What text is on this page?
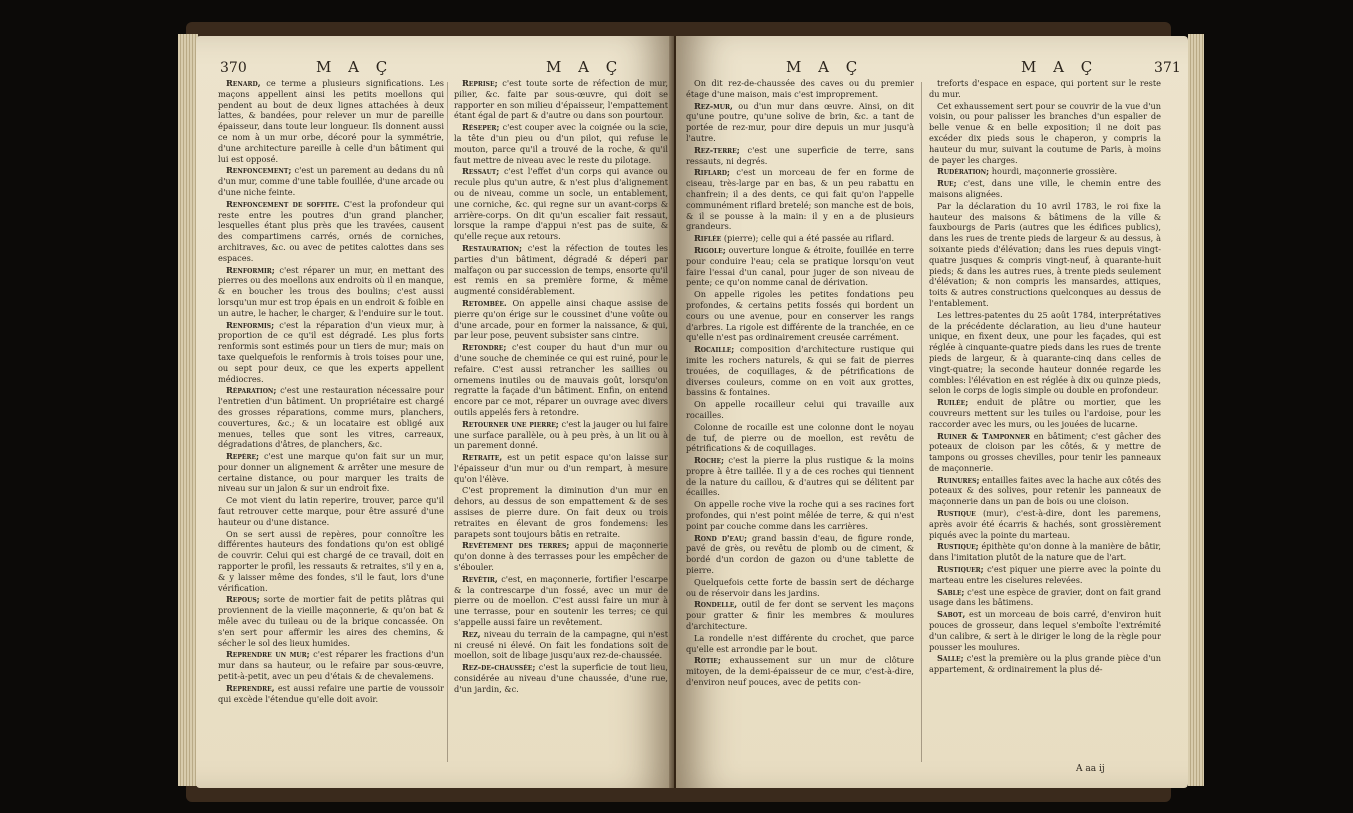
370	M A Ç	M A Ç

Renard, ce terme a plusieurs significations. Les maçons appellent ainsi les petits moellons qui pendent au bout de deux lignes attachées à deux lattes, & bandées, pour relever un mur de pareille épaisseur, dans toute leur longueur. Ils donnent aussi ce nom à un mur orbe, décoré pour la symmétrie, d'une architecture pareille à celle d'un bâtiment qui lui est opposé.

Renfoncement; c'est un parement au dedans du nû d'un mur, comme d'une table fouillée, d'une arcade ou d'une niche feinte.

Renfoncement de soffite. C'est la profondeur qui reste entre les poutres d'un grand plancher, lesquelles étant plus près que les travées, causent des compartimens carrés, ornés de corniches, architraves, &c. ou avec de petites calottes dans ses espaces.

Renformir; c'est réparer un mur, en mettant des pierres ou des moellons aux endroits où il en manque, & en boucher les trous des boulins; c'est aussi lorsqu'un mur est trop épais en un endroit & foible en un autre, le hacher, le charger, & l'enduire sur le tout.

Renformis; c'est la réparation d'un vieux mur, à proportion de ce qu'il est dégradé. Les plus forts renformis sont estimés pour un tiers de mur; mais on taxe quelquefois le renformis à trois toises pour une, ou sept pour deux, ce que les experts appellent médiocres.

Réparation; c'est une restauration nécessaire pour l'entretien d'un bâtiment. Un propriétaire est chargé des grosses réparations, comme murs, planchers, couvertures, &c.; & un locataire est obligé aux menues, telles que sont les vitres, carreaux, dégradations d'âtres, de planchers, &c.

Repère; c'est une marque qu'on fait sur un mur, pour donner un alignement & arrêter une mesure de certaine distance, ou pour marquer les traits de niveau sur un jalon & sur un endroit fixe.

Ce mot vient du latin reperire, trouver, parce qu'il faut retrouver cette marque, pour être assuré d'une hauteur ou d'une distance.

On se sert aussi de repères, pour connoître les différentes hauteurs des fondations qu'on est obligé de couvrir. Celui qui est chargé de ce travail, doit en rapporter le profil, les ressauts & retraites, s'il y en a, & y laisser même des fondes, s'il le faut, lors d'une vérification.

Repous; sorte de mortier fait de petits plâtras qui proviennent de la vieille maçonnerie, & qu'on bat & mêle avec du tuileau ou de la brique concassée. On s'en sert pour affermir les aires des chemins, & sécher le sol des lieux humides.

Reprendre un mur; c'est réparer les fractions d'un mur dans sa hauteur, ou le refaire par sous-œuvre, petit-à-petit, avec un peu d'étais & de chevalemens.

Reprendre, est aussi refaire une partie de voussoir qui excède l'étendue qu'elle doit avoir.

Reprise; c'est toute sorte de réfection de mur, pilier, &c. faite par sous-œuvre, qui doit se rapporter en son milieu d'épaisseur, l'empattement étant égal de part & d'autre ou dans son pourtour.

Réseper; c'est couper avec la coignée ou la scie, la tête d'un pieu ou d'un pilot, qui refuse le mouton, parce qu'il a trouvé de la roche, & qu'il faut mettre de niveau avec le reste du pilotage.

Ressaut; c'est l'effet d'un corps qui avance ou recule plus qu'un autre, & n'est plus d'alignement ou de niveau, comme un socle, un entablement, une corniche, &c. qui regne sur un avant-corps & arrière-corps. On dit qu'un escalier fait ressaut, lorsque la rampe d'appui n'est pas de suite, & qu'elle reçue aux retours.

Restauration; c'est la réfection de toutes les parties d'un bâtiment, dégradé & déperi par malfaçon ou par succession de temps, ensorte qu'il est remis en sa première forme, & même augmenté considérablement.

Retombée. On appelle ainsi chaque assise de pierre qu'on érige sur le coussinet d'une voûte ou d'une arcade, pour en former la naissance, & qui, par leur pose, peuvent subsister sans cintre.

Retondre; c'est couper du haut d'un mur ou d'une souche de cheminée ce qui est ruiné, pour le refaire. C'est aussi retrancher les saillies ou ornemens inutiles ou de mauvais goût, lorsqu'on regratte la façade d'un bâtiment. Enfin, on entend encore par ce mot, réparer un ouvrage avec divers outils appelés fers à retondre.

Retourner une pierre; c'est la jauger ou lui faire une surface parallèle, ou à peu près, à un lit ou à un parement donné.

Retraite, est un petit espace qu'on laisse sur l'épaisseur d'un mur ou d'un rempart, à mesure qu'on l'élève.

C'est proprement la diminution d'un mur en dehors, au dessus de son empattement & de ses assises de pierre dure. On fait deux ou trois retraites en élevant de gros fondemens: les parapets sont toujours bâtis en retraite.

Revêtement des terres; appui de maçonnerie qu'on donne à des terrasses pour les empêcher de s'ébouler.

Revêtir, c'est, en maçonnerie, fortifier l'escarpe & la contrescarpe d'un fossé, avec un mur de pierre ou de moellon. C'est aussi faire un mur à une terrasse, pour en soutenir les terres; ce qui s'appelle aussi faire un revêtement.

Rez, niveau du terrain de la campagne, qui n'est ni creusé ni élevé. On fait les fondations soit de moellon, soit de libage jusqu'aux rez-de-chaussée.

Rez-de-chaussée; c'est la superficie de tout lieu, considérée au niveau d'une chaussée, d'une rue, d'un jardin, &c.

M A Ç	M A Ç	371

On dit rez-de-chaussée des caves ou du premier étage d'une maison, mais c'est improprement.

Rez-mur, ou d'un mur dans œuvre. Ainsi, on dit qu'une poutre, qu'une solive de brin, &c. a tant de portée de rez-mur, pour dire depuis un mur jusqu'à l'autre.

Rez-terre; c'est une superficie de terre, sans ressauts, ni degrés.

Riflard; c'est un morceau de fer en forme de ciseau, très-large par en bas, & un peu rabattu en chanfrein; il a des dents, ce qui fait qu'on l'appelle communément riflard bretelé; son manche est de bois, & il se pousse à la main: il y en a de plusieurs grandeurs.

Riflée (pierre); celle qui a été passée au riflard.

Rigole; ouverture longue & étroite, fouillée en terre pour conduire l'eau; cela se pratique lorsqu'on veut faire l'essai d'un canal, pour juger de son niveau de pente; ce qu'on nomme canal de dérivation.

On appelle rigoles les petites fondations peu profondes, & certains petits fossés qui bordent un cours ou une avenue, pour en conserver les rangs d'arbres. La rigole est différente de la tranchée, en ce qu'elle n'est pas ordinairement creusée carrément.

Rocaille; composition d'architecture rustique qui imite les rochers naturels, & qui se fait de pierres trouées, de coquillages, & de pétrifications de diverses couleurs, comme on en voit aux grottes, bassins & fontaines.

On appelle rocailleur celui qui travaille aux rocailles.

Colonne de rocaille est une colonne dont le noyau de tuf, de pierre ou de moellon, est revêtu de pétrifications & de coquillages.

Roche; c'est la pierre la plus rustique & la moins propre à être taillée. Il y a de ces roches qui tiennent de la nature du caillou, & d'autres qui se délitent par écailles.

On appelle roche vive la roche qui a ses racines fort profondes, qui n'est point mêlée de terre, & qui n'est point par couche comme dans les carrières.

Rond d'eau; grand bassin d'eau, de figure ronde, pavé de grès, ou revêtu de plomb ou de ciment, & bordé d'un cordon de gazon ou d'une tablette de pierre.

Quelquefois cette forte de bassin sert de décharge ou de réservoir dans les jardins.

Rondelle, outil de fer dont se servent les maçons pour gratter & finir les membres & moulures d'architecture.

La rondelle n'est différente du crochet, que parce qu'elle est arrondie par le bout.

Rotie; exhaussement sur un mur de clôture mitoyen, de la demi-épaisseur de ce mur, c'est-à-dire, d'environ neuf pouces, avec de petits con-

treforts d'espace en espace, qui portent sur le reste du mur.

Cet exhaussement sert pour se couvrir de la vue d'un voisin, ou pour palisser les branches d'un espalier de belle venue & en belle exposition; il ne doit pas excéder dix pieds sous le chaperon, y compris la hauteur du mur, suivant la coutume de Paris, à moins de payer les charges.

Rudération; hourdi, maçonnerie grossière.

Rue; c'est, dans une ville, le chemin entre des maisons alignées.

Par la déclaration du 10 avril 1783, le roi fixe la hauteur des maisons & bâtimens de la ville & fauxbourgs de Paris (autres que les édifices publics), dans les rues de trente pieds de largeur & au dessus, à soixante pieds d'élévation; dans les rues depuis vingt-quatre jusques & compris vingt-neuf, à quarante-huit pieds; & dans les autres rues, à trente pieds seulement d'élévation; & non compris les mansardes, attiques, toits & autres constructions quelconques au dessus de l'entablement.

Les lettres-patentes du 25 août 1784, interprétatives de la précédente déclaration, au lieu d'une hauteur unique, en fixent deux, une pour les façades, qui est réglée à cinquante-quatre pieds dans les rues de trente pieds de largeur, & à quarante-cinq dans celles de vingt-quatre; la seconde hauteur donnée regarde les combles: l'élévation en est réglée à dix ou quinze pieds, selon le corps de logis simple ou double en profondeur.

Ruilée; enduit de plâtre ou mortier, que les couvreurs mettent sur les tuiles ou l'ardoise, pour les raccorder avec les murs, ou les jouées de lucarne.

Ruiner & Tamponner en bâtiment; c'est gâcher des poteaux de cloison par les côtés, & y mettre de tampons ou grosses chevilles, pour tenir les panneaux de maçonnerie.

Ruinures; entailles faites avec la hache aux côtés des poteaux & des solives, pour retenir les panneaux de maçonnerie dans un pan de bois ou une cloison.

Rustique (mur), c'est-à-dire, dont les paremens, après avoir été écarris & hachés, sont grossièrement piqués avec la pointe du marteau.

Rustique; épithète qu'on donne à la manière de bâtir, dans l'imitation plutôt de la nature que de l'art.

Rustiquer; c'est piquer une pierre avec la pointe du marteau entre les ciselures relevées.

Sable; c'est une espèce de gravier, dont on fait grand usage dans les bâtimens.

Sabot, est un morceau de bois carré, d'environ huit pouces de grosseur, dans lequel s'emboîte l'extrémité d'un calibre, & sert à le diriger le long de la règle pour pousser les moulures.

Salle; c'est la première ou la plus grande pièce d'un appartement, & ordinairement la plus dé-

A aa ij
